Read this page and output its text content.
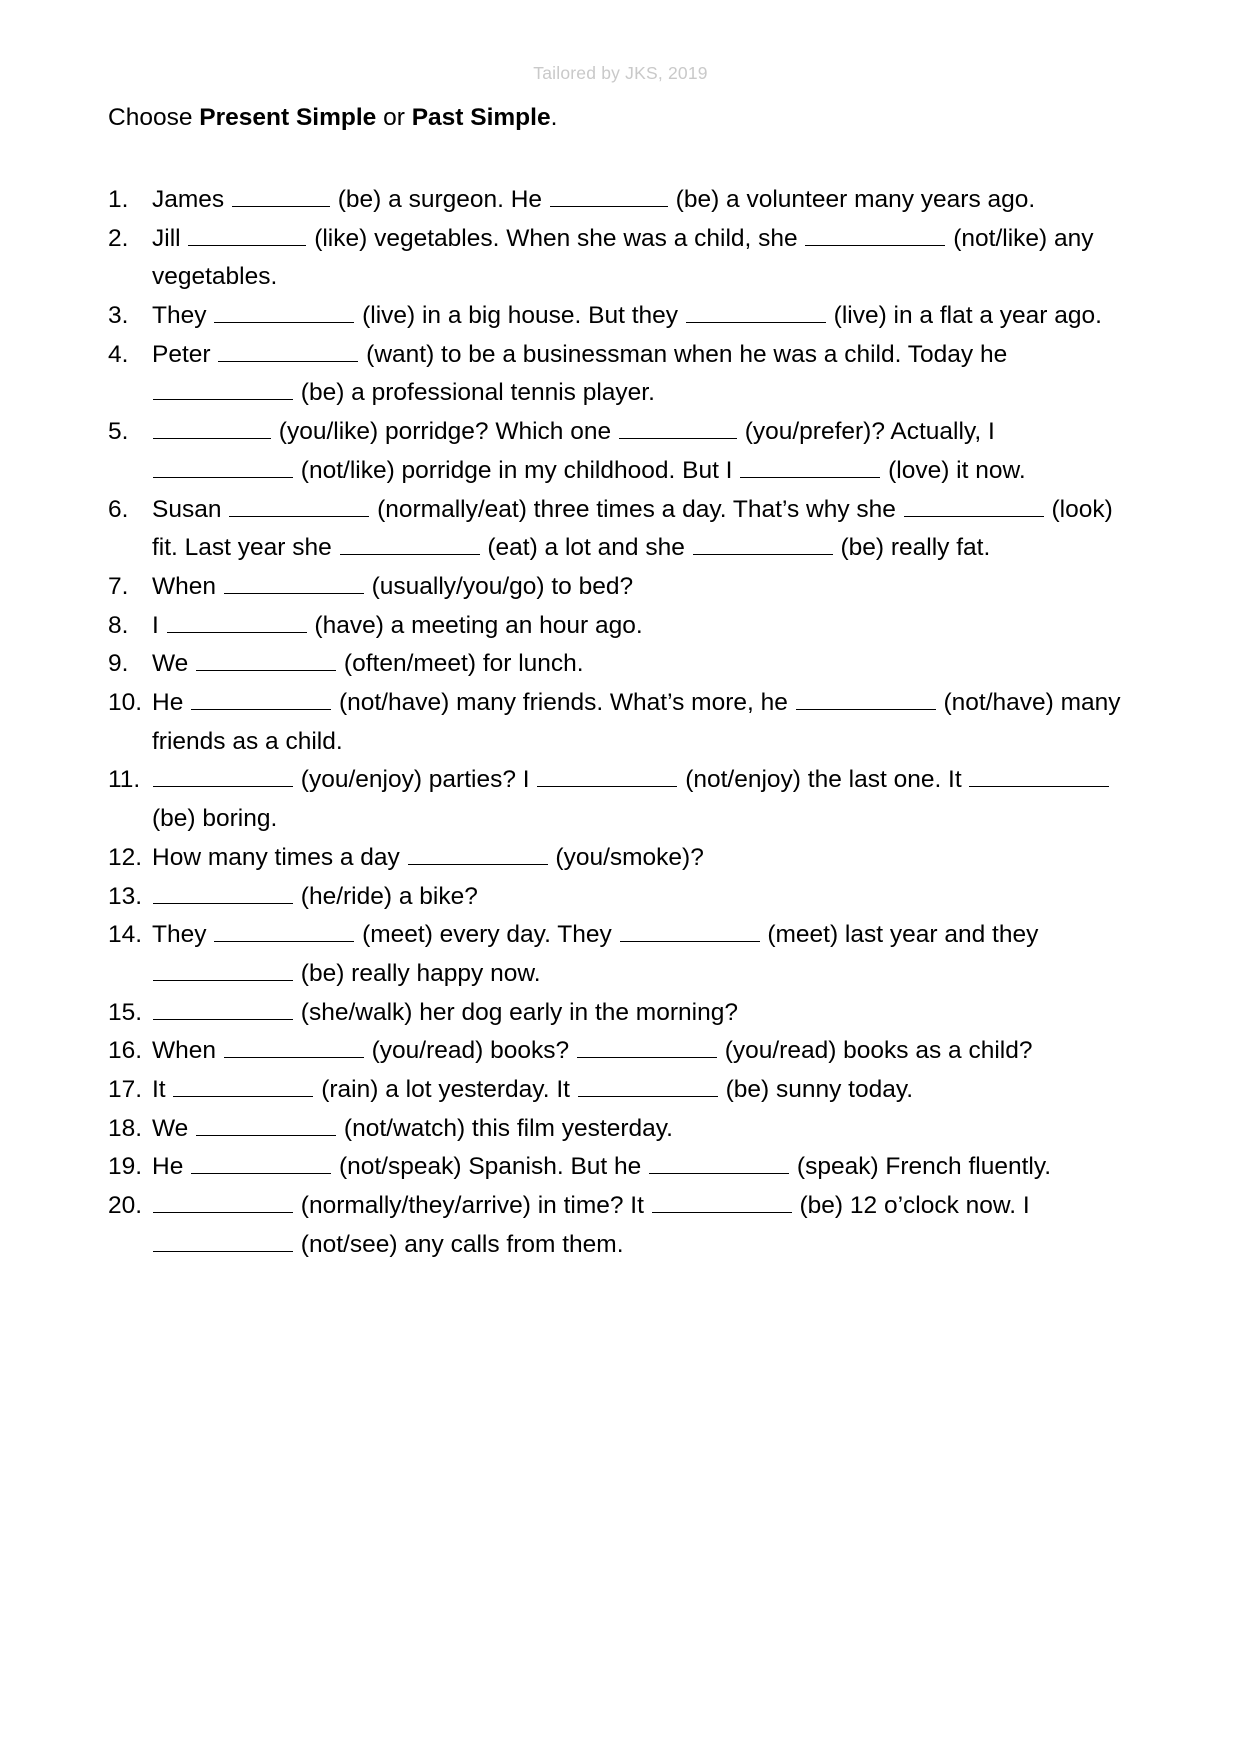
Tailored by JKS, 2019
Choose Present Simple or Past Simple.
1. James	(be) a surgeon. He	(be) a volunteer many years ago.
2. Jill	(like) vegetables. When she was a child, she	(not/like) any vegetables.
3. They	(live) in a big house. But they	(live) in a flat a year ago.
4. Peter	(want) to be a businessman when he was a child. Today he  (be) a professional tennis player.
5.	(you/like) porridge? Which one	(you/prefer)? Actually, I  (not/like) porridge in my childhood. But I	(love) it now.
6. Susan	(normally/eat) three times a day. That’s why she	(look) fit. Last year she	(eat) a lot and she	(be) really fat.
7. When	(usually/you/go) to bed?
8. I	(have) a meeting an hour ago.
9. We	(often/meet) for lunch.
10. He	(not/have) many friends. What’s more, he	(not/have) many friends as a child.
11.	(you/enjoy) parties? I	(not/enjoy) the last one. It  (be) boring.
12. How many times a day	(you/smoke)?
13.	(he/ride) a bike?
14. They	(meet) every day. They	(meet) last year and they  (be) really happy now.
15.	(she/walk) her dog early in the morning?
16. When	(you/read) books?	(you/read) books as a child?
17. It	(rain) a lot yesterday. It	(be) sunny today.
18. We	(not/watch) this film yesterday.
19. He	(not/speak) Spanish. But he	(speak) French fluently.
20.	(normally/they/arrive) in time? It	(be) 12 o’clock now. I  (not/see) any calls from them.
